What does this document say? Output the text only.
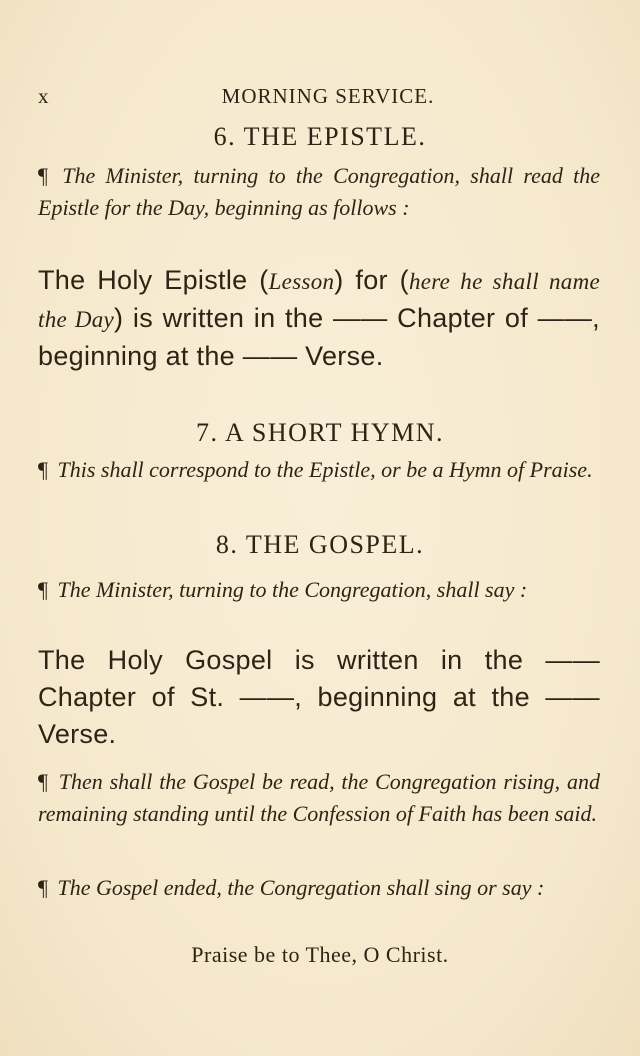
x	MORNING SERVICE.
6. THE EPISTLE.

¶ The Minister, turning to the Congregation, shall read the Epistle for the Day, beginning as follows :

The Holy Epistle (Lesson) for (here he shall name the Day) is written in the —— Chapter of ——, beginning at the —— Verse.

7. A SHORT HYMN.

¶ This shall correspond to the Epistle, or be a Hymn of Praise.

8. THE GOSPEL.

¶ The Minister, turning to the Congregation, shall say :

The Holy Gospel is written in the —— Chapter of St. ——, beginning at the —— Verse.

¶ Then shall the Gospel be read, the Congregation rising, and remaining standing until the Confession of Faith has been said.

¶ The Gospel ended, the Congregation shall sing or say :

Praise be to Thee, O Christ.
